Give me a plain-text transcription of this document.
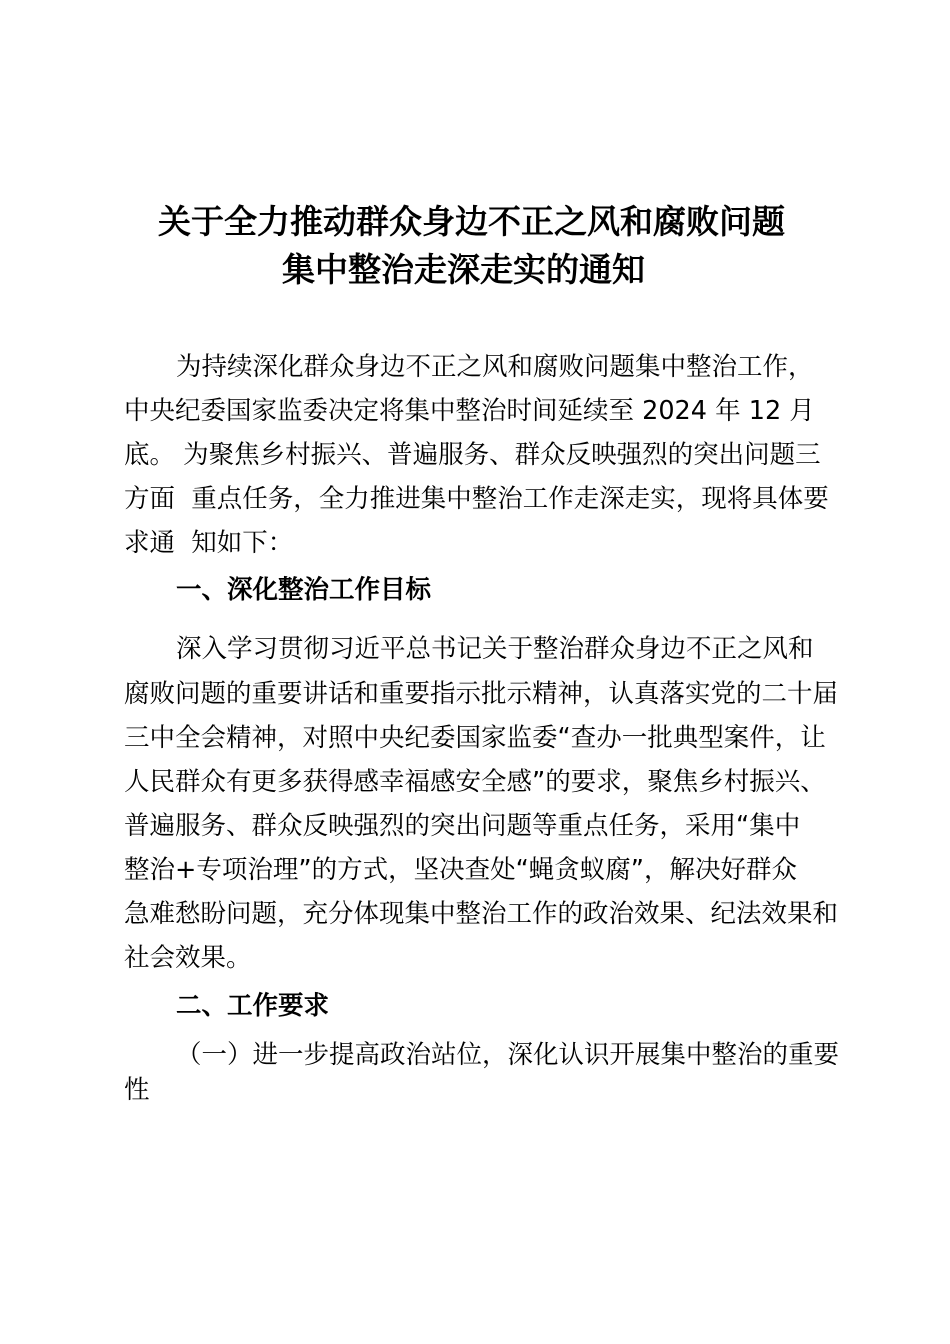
关于全力推动群众身边不正之风和腐败问题
集中整治走深走实的通知
为持续深化群众身边不正之风和腐败问题集中整治工作，
中央纪委国家监委决定将集中整治时间延续至 2024 年 12 月
底。 为聚焦乡村振兴、普遍服务、群众反映强烈的突出问题三
方面  重点任务，全力推进集中整治工作走深走实，现将具体要
求通  知如下：
一、深化整治工作目标
深入学习贯彻习近平总书记关于整治群众身边不正之风和
腐败问题的重要讲话和重要指示批示精神，认真落实党的二十届
三中全会精神，对照中央纪委国家监委“查办一批典型案件，让
人民群众有更多获得感幸福感安全感”的要求，聚焦乡村振兴、
普遍服务、群众反映强烈的突出问题等重点任务，采用“集中
整治+专项治理”的方式，坚决查处“蝇贪蚁腐”，解决好群众
急难愁盼问题，充分体现集中整治工作的政治效果、纪法效果和
社会效果。
二、工作要求
（一）进一步提高政治站位，深化认识开展集中整治的重要
性
